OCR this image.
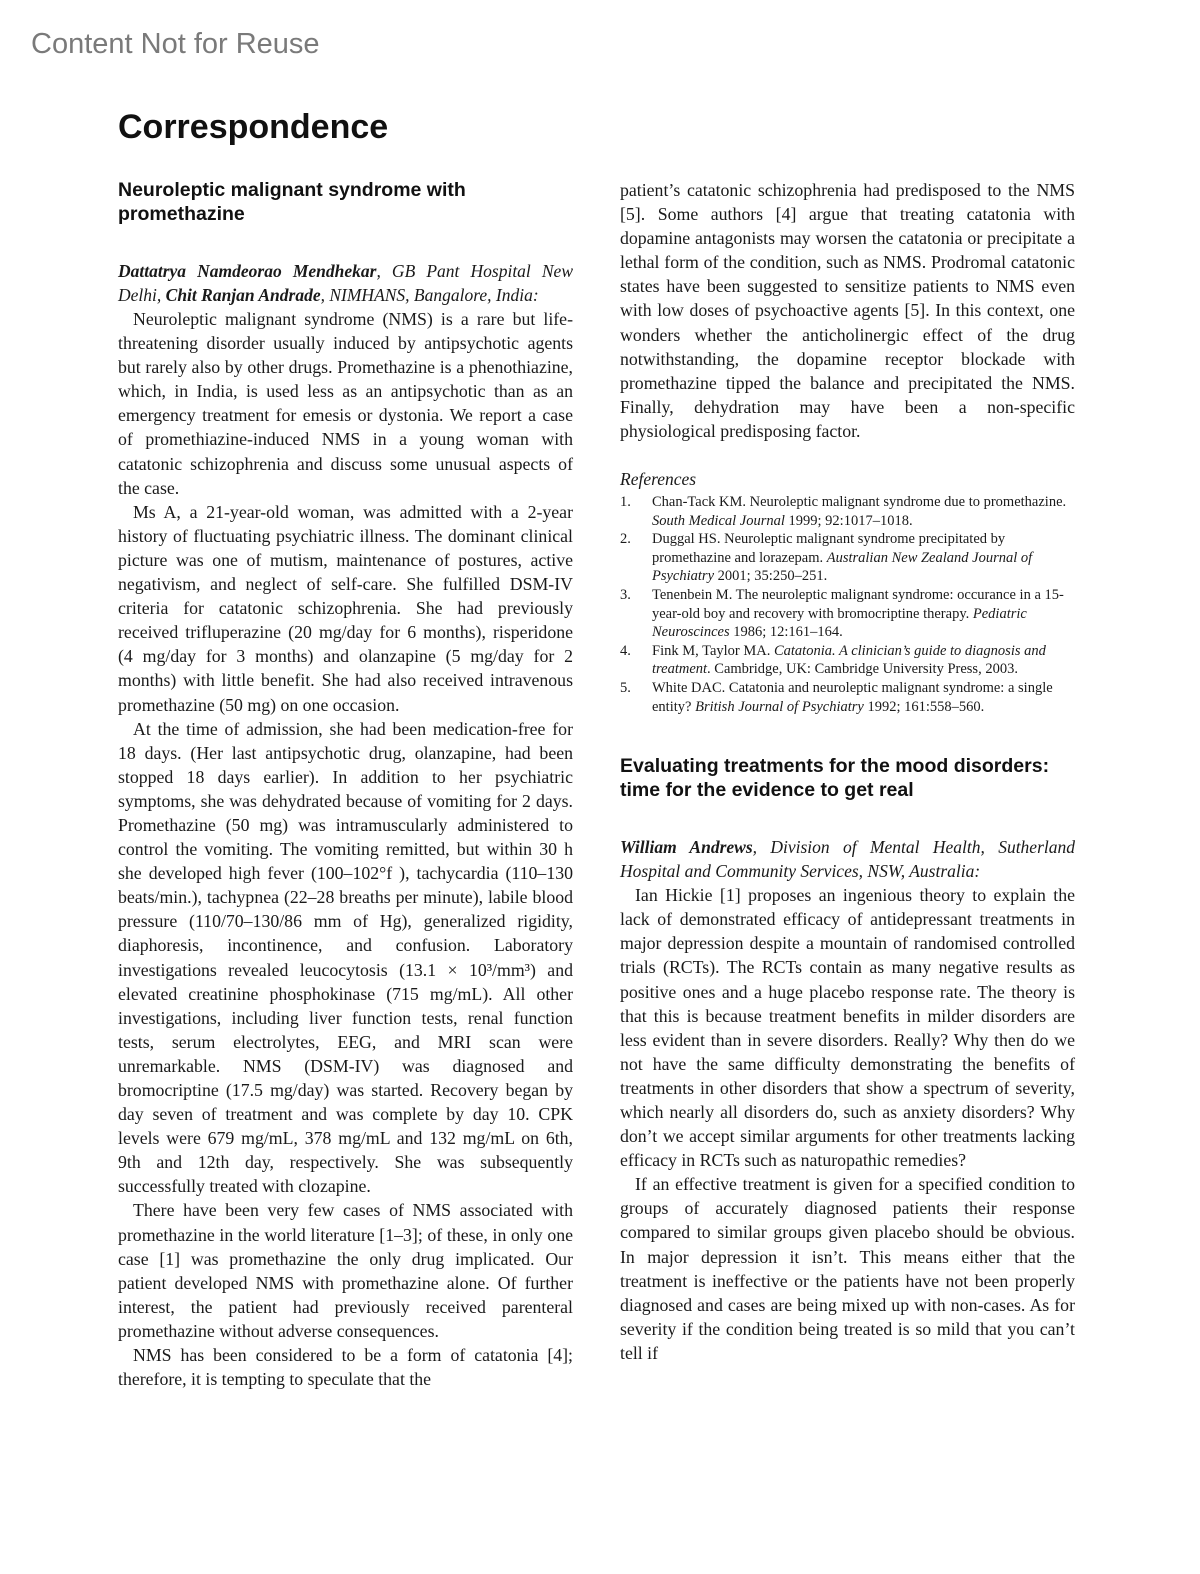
Content Not for Reuse
Correspondence
Neuroleptic malignant syndrome with promethazine

Dattatrya Namdeorao Mendhekar, GB Pant Hospital New Delhi, Chit Ranjan Andrade, NIMHANS, Bangalore, India:

Neuroleptic malignant syndrome (NMS) is a rare but life-threatening disorder usually induced by antipsychotic agents but rarely also by other drugs. Promethazine is a phenothiazine, which, in India, is used less as an antipsychotic than as an emergency treatment for emesis or dystonia. We report a case of promethiazine-induced NMS in a young woman with catatonic schizophrenia and discuss some unusual aspects of the case.

Ms A, a 21-year-old woman, was admitted with a 2-year history of fluctuating psychiatric illness. The dominant clinical picture was one of mutism, maintenance of postures, active negativism, and neglect of self-care. She fulfilled DSM-IV criteria for catatonic schizophrenia. She had previously received trifluperazine (20 mg/day for 6 months), risperidone (4 mg/day for 3 months) and olanzapine (5 mg/day for 2 months) with little benefit. She had also received intravenous promethazine (50 mg) on one occasion.

At the time of admission, she had been medication-free for 18 days. (Her last antipsychotic drug, olanzapine, had been stopped 18 days earlier). In addition to her psychiatric symptoms, she was dehydrated because of vomiting for 2 days. Promethazine (50 mg) was intramuscularly administered to control the vomiting. The vomiting remitted, but within 30 h she developed high fever (100–102°f ), tachycardia (110–130 beats/min.), tachypnea (22–28 breaths per minute), labile blood pressure (110/70–130/86 mm of Hg), generalized rigidity, diaphoresis, incontinence, and confusion. Laboratory investigations revealed leucocytosis (13.1 × 10³/mm³) and elevated creatinine phosphokinase (715 mg/mL). All other investigations, including liver function tests, renal function tests, serum electrolytes, EEG, and MRI scan were unremarkable. NMS (DSM-IV) was diagnosed and bromocriptine (17.5 mg/day) was started. Recovery began by day seven of treatment and was complete by day 10. CPK levels were 679 mg/mL, 378 mg/mL and 132 mg/mL on 6th, 9th and 12th day, respectively. She was subsequently successfully treated with clozapine.

There have been very few cases of NMS associated with promethazine in the world literature [1–3]; of these, in only one case [1] was promethazine the only drug implicated. Our patient developed NMS with promethazine alone. Of further interest, the patient had previously received parenteral promethazine without adverse consequences.

NMS has been considered to be a form of catatonia [4]; therefore, it is tempting to speculate that the

patient’s catatonic schizophrenia had predisposed to the NMS [5]. Some authors [4] argue that treating catatonia with dopamine antagonists may worsen the catatonia or precipitate a lethal form of the condition, such as NMS. Prodromal catatonic states have been suggested to sensitize patients to NMS even with low doses of psychoactive agents [5]. In this context, one wonders whether the anticholinergic effect of the drug notwithstanding, the dopamine receptor blockade with promethazine tipped the balance and precipitated the NMS. Finally, dehydration may have been a non-specific physiological predisposing factor.

References

1. Chan-Tack KM. Neuroleptic malignant syndrome due to promethazine. South Medical Journal 1999; 92:1017–1018.
2. Duggal HS. Neuroleptic malignant syndrome precipitated by promethazine and lorazepam. Australian New Zealand Journal of Psychiatry 2001; 35:250–251.
3. Tenenbein M. The neuroleptic malignant syndrome: occurance in a 15-year-old boy and recovery with bromocriptine therapy. Pediatric Neuroscinces 1986; 12:161–164.
4. Fink M, Taylor MA. Catatonia. A clinician’s guide to diagnosis and treatment. Cambridge, UK: Cambridge University Press, 2003.
5. White DAC. Catatonia and neuroleptic malignant syndrome: a single entity? British Journal of Psychiatry 1992; 161:558–560.
Evaluating treatments for the mood disorders: time for the evidence to get real

William Andrews, Division of Mental Health, Sutherland Hospital and Community Services, NSW, Australia:

Ian Hickie [1] proposes an ingenious theory to explain the lack of demonstrated efficacy of antidepressant treatments in major depression despite a mountain of randomised controlled trials (RCTs). The RCTs contain as many negative results as positive ones and a huge placebo response rate. The theory is that this is because treatment benefits in milder disorders are less evident than in severe disorders. Really? Why then do we not have the same difficulty demonstrating the benefits of treatments in other disorders that show a spectrum of severity, which nearly all disorders do, such as anxiety disorders? Why don’t we accept similar arguments for other treatments lacking efficacy in RCTs such as naturopathic remedies?

If an effective treatment is given for a specified condition to groups of accurately diagnosed patients their response compared to similar groups given placebo should be obvious. In major depression it isn’t. This means either that the treatment is ineffective or the patients have not been properly diagnosed and cases are being mixed up with non-cases. As for severity if the condition being treated is so mild that you can’t tell if
